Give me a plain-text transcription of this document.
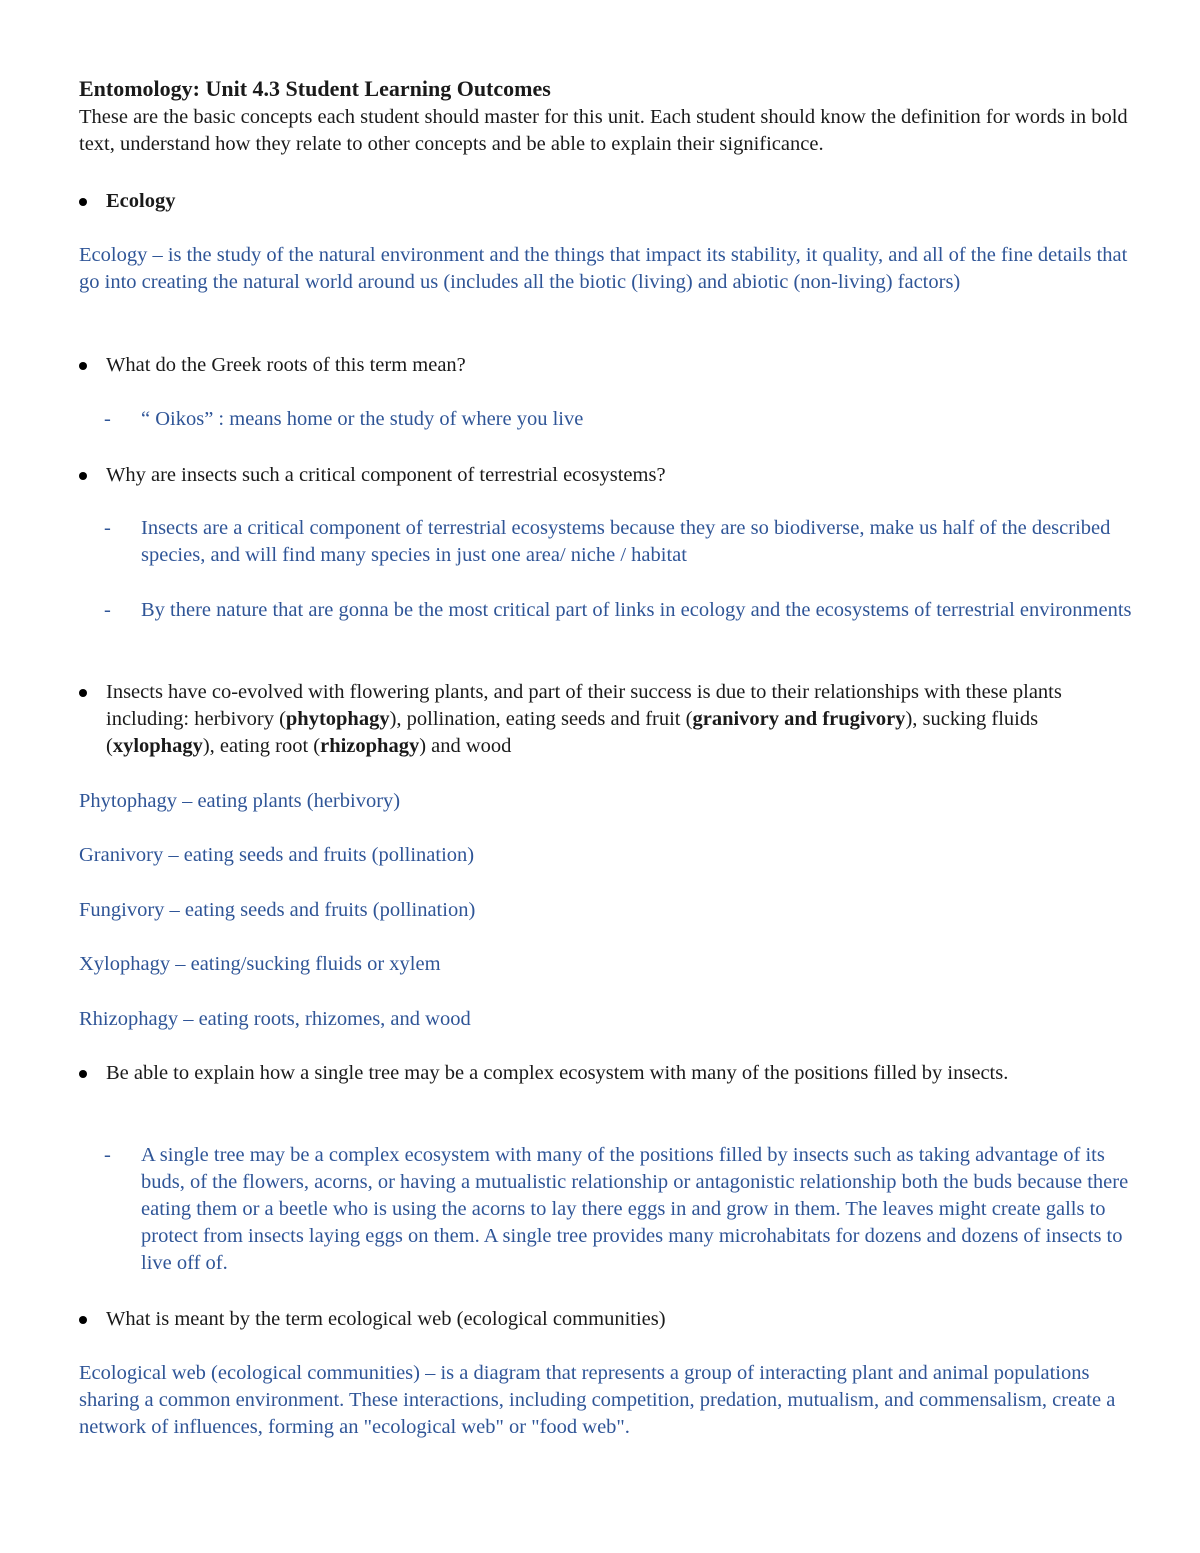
Entomology: Unit 4.3 Student Learning Outcomes
These are the basic concepts each student should master for this unit. Each student should know the definition for words in bold text, understand how they relate to other concepts and be able to explain their significance.
Ecology
Ecology – is the study of the natural environment and the things that impact its stability, it quality, and all of the fine details that go into creating the natural world around us (includes all the biotic (living) and abiotic (non-living) factors)
What do the Greek roots of this term mean?
- “ Oikos” : means home or the study of where you live
Why are insects such a critical component of terrestrial ecosystems?
- Insects are a critical component of terrestrial ecosystems because they are so biodiverse, make us half of the described species, and will find many species in just one area/ niche / habitat
- By there nature that are gonna be the most critical part of links in ecology and the ecosystems of terrestrial environments
Insects have co-evolved with flowering plants, and part of their success is due to their relationships with these plants including: herbivory (phytophagy), pollination, eating seeds and fruit (granivory and frugivory), sucking fluids (xylophagy), eating root (rhizophagy) and wood
Phytophagy – eating plants (herbivory)
Granivory – eating seeds and fruits (pollination)
Fungivory – eating seeds and fruits (pollination)
Xylophagy – eating/sucking fluids or xylem
Rhizophagy – eating roots, rhizomes, and wood
Be able to explain how a single tree may be a complex ecosystem with many of the positions filled by insects.
- A single tree may be a complex ecosystem with many of the positions filled by insects such as taking advantage of its buds, of the flowers, acorns, or having a mutualistic relationship or antagonistic relationship both the buds because there eating them or a beetle who is using the acorns to lay there eggs in and grow in them. The leaves might create galls to protect from insects laying eggs on them. A single tree provides many microhabitats for dozens and dozens of insects to live off of.
What is meant by the term ecological web (ecological communities)
Ecological web (ecological communities) – is a diagram that represents a group of interacting plant and animal populations sharing a common environment. These interactions, including competition, predation, mutualism, and commensalism, create a network of influences, forming an "ecological web" or "food web".
